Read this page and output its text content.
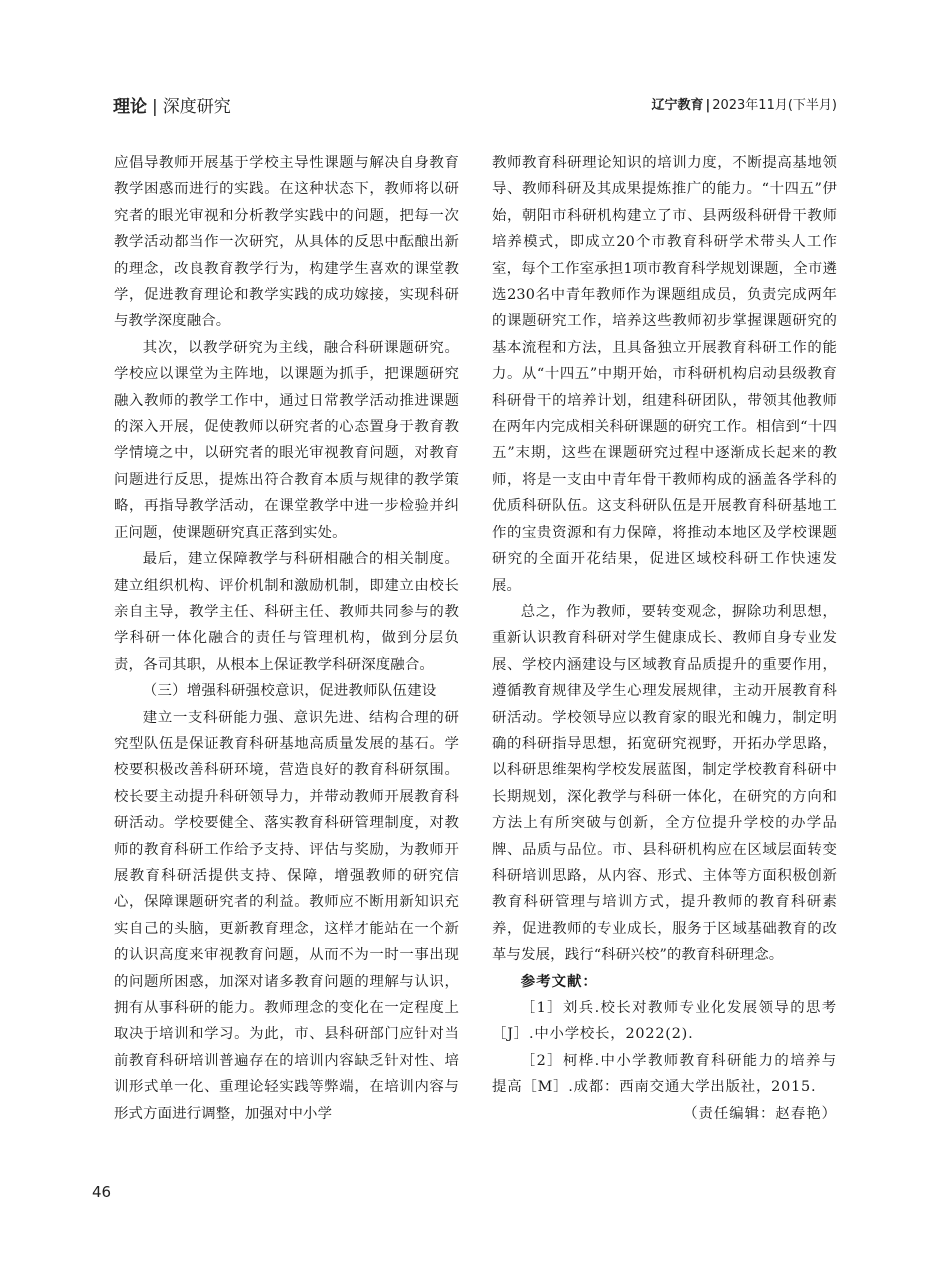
理论 | 深度研究	辽宁教育 | 2023年11月(下半月)

应倡导教师开展基于学校主导性课题与解决自身教育教学困惑而进行的实践。在这种状态下，教师将以研究者的眼光审视和分析教学实践中的问题，把每一次教学活动都当作一次研究，从具体的反思中酝酿出新的理念，改良教育教学行为，构建学生喜欢的课堂教学，促进教育理论和教学实践的成功嫁接，实现科研与教学深度融合。

其次，以教学研究为主线，融合科研课题研究。学校应以课堂为主阵地，以课题为抓手，把课题研究融入教师的教学工作中，通过日常教学活动推进课题的深入开展，促使教师以研究者的心态置身于教育教学情境之中，以研究者的眼光审视教育问题，对教育问题进行反思，提炼出符合教育本质与规律的教学策略，再指导教学活动，在课堂教学中进一步检验并纠正问题，使课题研究真正落到实处。

最后，建立保障教学与科研相融合的相关制度。建立组织机构、评价机制和激励机制，即建立由校长亲自主导，教学主任、科研主任、教师共同参与的教学科研一体化融合的责任与管理机构，做到分层负责，各司其职，从根本上保证教学科研深度融合。

（三）增强科研强校意识，促进教师队伍建设

建立一支科研能力强、意识先进、结构合理的研究型队伍是保证教育科研基地高质量发展的基石。学校要积极改善科研环境，营造良好的教育科研氛围。校长要主动提升科研领导力，并带动教师开展教育科研活动。学校要健全、落实教育科研管理制度，对教师的教育科研工作给予支持、评估与奖励，为教师开展教育科研活提供支持、保障，增强教师的研究信心，保障课题研究者的利益。教师应不断用新知识充实自己的头脑，更新教育理念，这样才能站在一个新的认识高度来审视教育问题，从而不为一时一事出现的问题所困惑，加深对诸多教育问题的理解与认识，拥有从事科研的能力。教师理念的变化在一定程度上取决于培训和学习。为此，市、县科研部门应针对当前教育科研培训普遍存在的培训内容缺乏针对性、培训形式单一化、重理论轻实践等弊端，在培训内容与形式方面进行调整，加强对中小学

教师教育科研理论知识的培训力度，不断提高基地领导、教师科研及其成果提炼推广的能力。“十四五”伊始，朝阳市科研机构建立了市、县两级科研骨干教师培养模式，即成立20个市教育科研学术带头人工作室，每个工作室承担1项市教育科学规划课题，全市遴选230名中青年教师作为课题组成员，负责完成两年的课题研究工作，培养这些教师初步掌握课题研究的基本流程和方法，且具备独立开展教育科研工作的能力。从“十四五”中期开始，市科研机构启动县级教育科研骨干的培养计划，组建科研团队，带领其他教师在两年内完成相关科研课题的研究工作。相信到“十四五”末期，这些在课题研究过程中逐渐成长起来的教师，将是一支由中青年骨干教师构成的涵盖各学科的优质科研队伍。这支科研队伍是开展教育科研基地工作的宝贵资源和有力保障，将推动本地区及学校课题研究的全面开花结果，促进区域校科研工作快速发展。

总之，作为教师，要转变观念，摒除功利思想，重新认识教育科研对学生健康成长、教师自身专业发展、学校内涵建设与区域教育品质提升的重要作用，遵循教育规律及学生心理发展规律，主动开展教育科研活动。学校领导应以教育家的眼光和魄力，制定明确的科研指导思想，拓宽研究视野，开拓办学思路，以科研思维架构学校发展蓝图，制定学校教育科研中长期规划，深化教学与科研一体化，在研究的方向和方法上有所突破与创新，全方位提升学校的办学品牌、品质与品位。市、县科研机构应在区域层面转变科研培训思路，从内容、形式、主体等方面积极创新教育科研管理与培训方式，提升教师的教育科研素养，促进教师的专业成长，服务于区域基础教育的改革与发展，践行“科研兴校”的教育科研理念。

参考文献：

［1］刘兵.校长对教师专业化发展领导的思考［J］.中小学校长，2022(2).

［2］柯桦.中小学教师教育科研能力的培养与提高［M］.成都：西南交通大学出版社，2015.

（责任编辑：赵春艳）

46
